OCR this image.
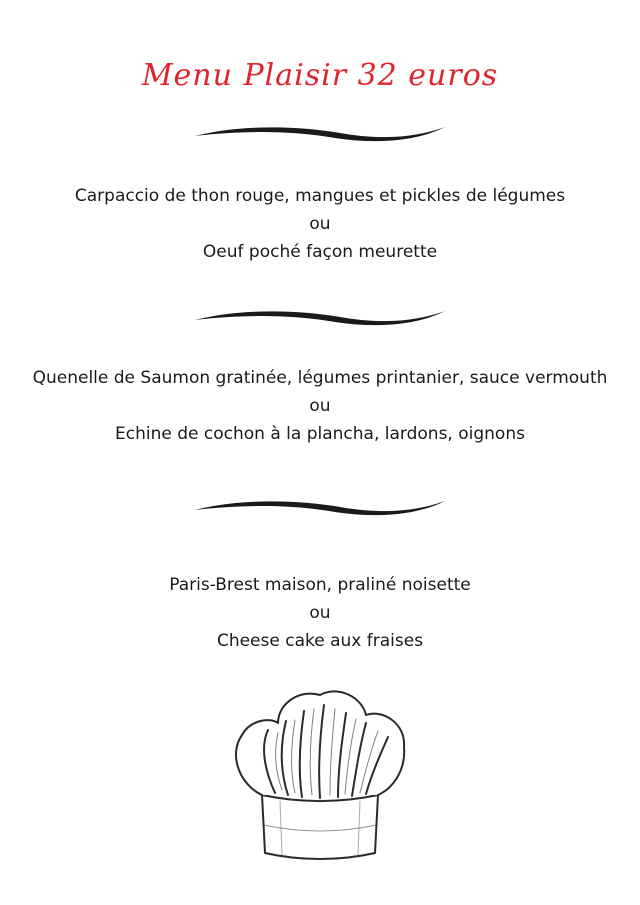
Menu Plaisir 32 euros
Carpaccio de thon rouge, mangues et pickles de légumes
ou
Oeuf poché façon meurette
Quenelle de Saumon gratinée, légumes printanier, sauce vermouth
ou
Echine de cochon à la plancha, lardons, oignons
Paris-Brest maison, praliné noisette
ou
Cheese cake aux fraises
